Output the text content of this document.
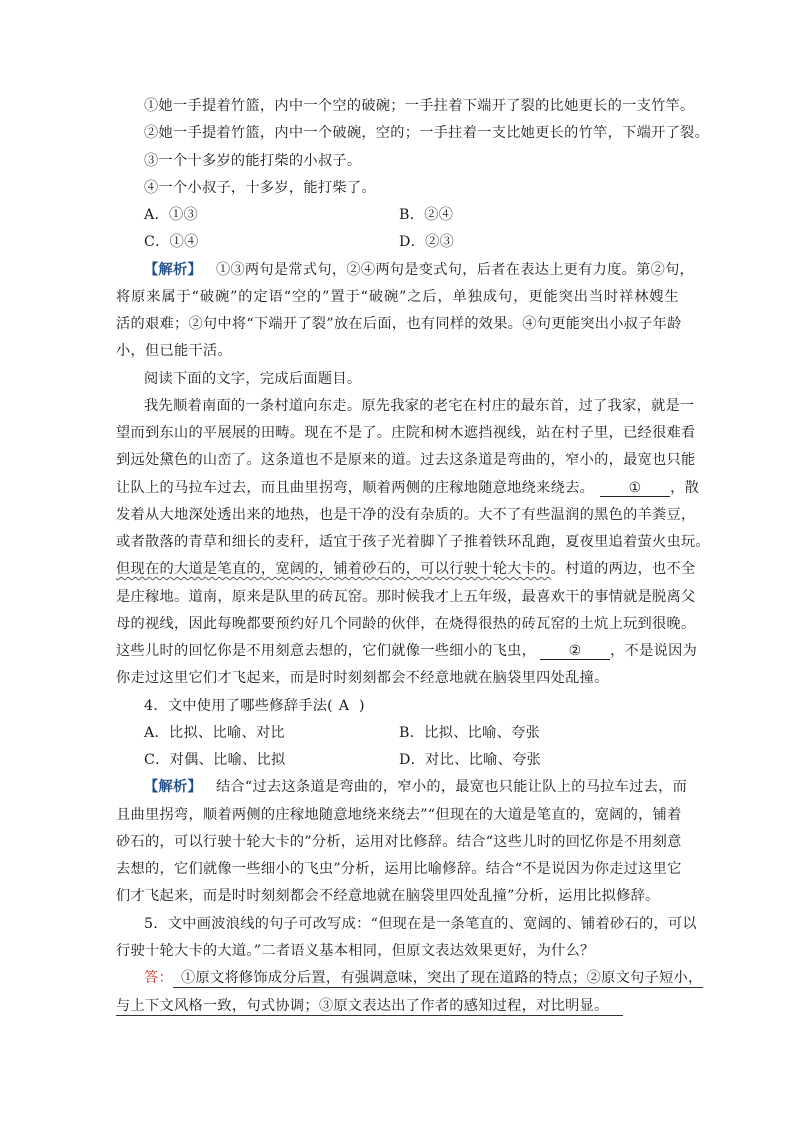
①她一手提着竹篮，内中一个空的破碗；一手拄着下端开了裂的比她更长的一支竹竿。
②她一手提着竹篮，内中一个破碗，空的；一手拄着一支比她更长的竹竿，下端开了裂。
③一个十多岁的能打柴的小叔子。
④一个小叔子，十多岁，能打柴了。
A．①③	B．②④
C．①④	D．②③
【解析】 ①③两句是常式句，②④两句是变式句，后者在表达上更有力度。第②句，
将原来属于“破碗”的定语“空的”置于“破碗”之后，单独成句，更能突出当时祥林嫂生
活的艰难；②句中将“下端开了裂”放在后面，也有同样的效果。④句更能突出小叔子年龄
小，但已能干活。
阅读下面的文字，完成后面题目。
我先顺着南面的一条村道向东走。原先我家的老宅在村庄的最东首，过了我家，就是一
望而到东山的平展展的田畴。现在不是了。庄院和树木遮挡视线，站在村子里，已经很难看
到远处黛色的山峦了。这条道也不是原来的道。过去这条道是弯曲的，窄小的，最宽也只能
让队上的马拉车过去，而且曲里拐弯，顺着两侧的庄稼地随意地绕来绕去。 ① ，散
发着从大地深处透出来的地热，也是干净的没有杂质的。大不了有些温润的黑色的羊粪豆，
或者散落的青草和细长的麦秆，适宜于孩子光着脚丫子推着铁环乱跑，夏夜里追着萤火虫玩。
但现在的大道是笔直的，宽阔的，铺着砂石的，可以行驶十轮大卡的。村道的两边，也不全
是庄稼地。道南，原来是队里的砖瓦窑。那时候我才上五年级，最喜欢干的事情就是脱离父
母的视线，因此每晚都要预约好几个同龄的伙伴，在烧得很热的砖瓦窑的土炕上玩到很晚。
这些儿时的回忆你是不用刻意去想的，它们就像一些细小的飞虫， ② ，不是说因为
你走过这里它们才飞起来，而是时时刻刻都会不经意地就在脑袋里四处乱撞。
4．文中使用了哪些修辞手法( A )
A．比拟、比喻、对比	B．比拟、比喻、夸张
C．对偶、比喻、比拟	D．对比、比喻、夸张
【解析】 结合“过去这条道是弯曲的，窄小的，最宽也只能让队上的马拉车过去，而
且曲里拐弯，顺着两侧的庄稼地随意地绕来绕去”“但现在的大道是笔直的，宽阔的，铺着
砂石的，可以行驶十轮大卡的”分析，运用对比修辞。结合“这些儿时的回忆你是不用刻意
去想的，它们就像一些细小的飞虫”分析，运用比喻修辞。结合“不是说因为你走过这里它
们才飞起来，而是时时刻刻都会不经意地就在脑袋里四处乱撞”分析，运用比拟修辞。
5．文中画波浪线的句子可改写成：“但现在是一条笔直的、宽阔的、铺着砂石的，可以
行驶十轮大卡的大道。”二者语义基本相同，但原文表达效果更好，为什么？
答： ①原文将修饰成分后置，有强调意味，突出了现在道路的特点；②原文句子短小，
与上下文风格一致，句式协调；③原文表达出了作者的感知过程，对比明显。
